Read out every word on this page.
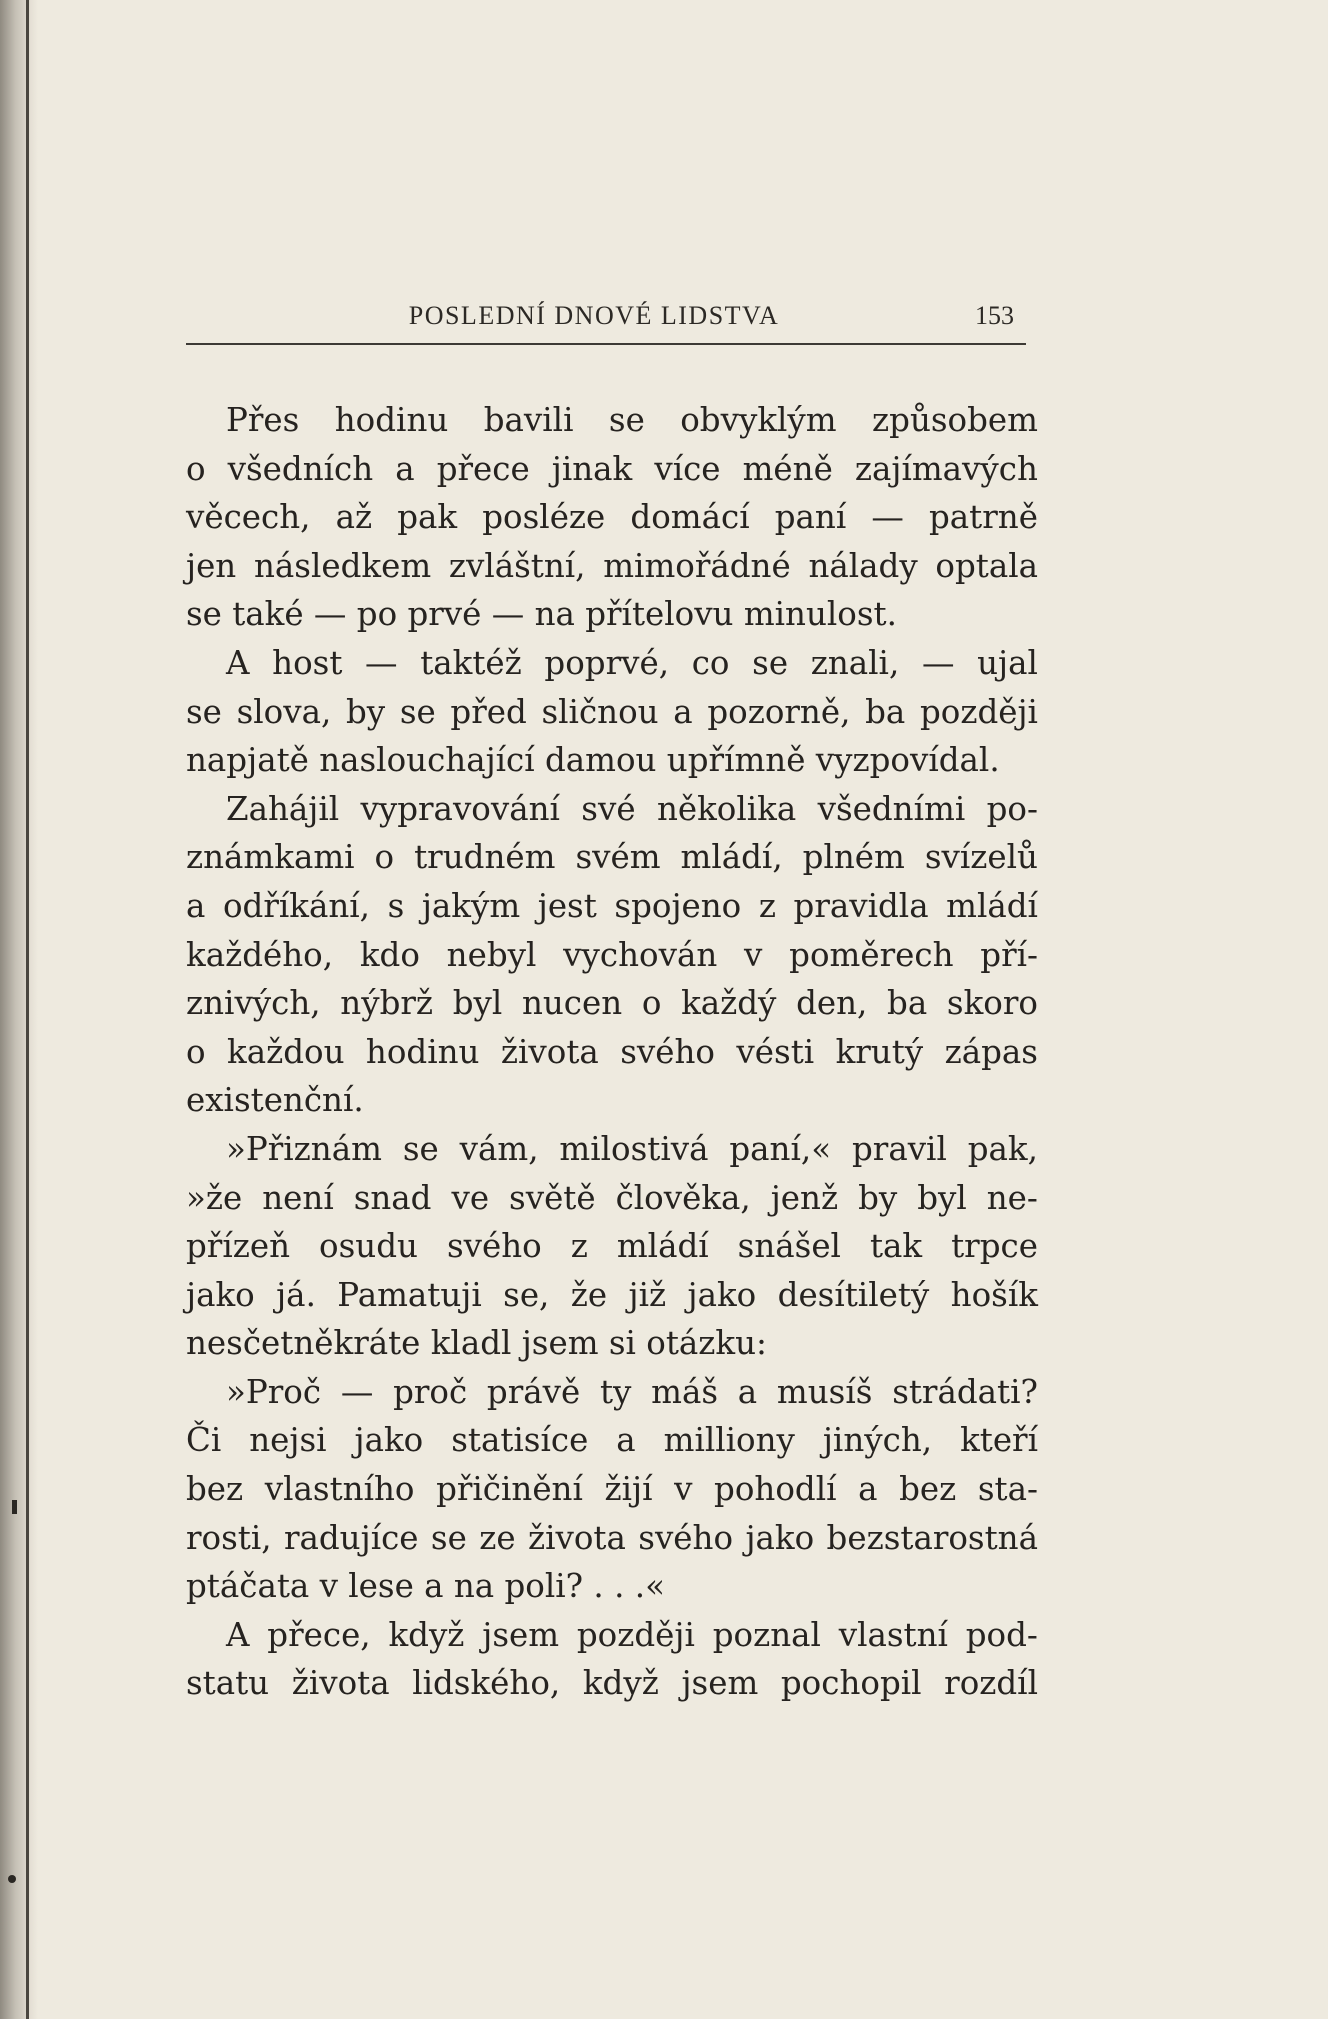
POSLEDNÍ DNOVÉ LIDSTVA	153
Přes hodinu bavili se obvyklým způsobem
o všedních a přece jinak více méně zajímavých
věcech, až pak posléze domácí paní — patrně
jen následkem zvláštní, mimořádné nálady optala
se také — po prvé — na přítelovu minulost.
A host — taktéž poprvé, co se znali, — ujal
se slova, by se před sličnou a pozorně, ba později
napjatě naslouchající damou upřímně vyzpovídal.
Zahájil vypravování své několika všedními po-
známkami o trudném svém mládí, plném svízelů
a odříkání, s jakým jest spojeno z pravidla mládí
každého, kdo nebyl vychován v poměrech pří-
znivých, nýbrž byl nucen o každý den, ba skoro
o každou hodinu života svého vésti krutý zápas
existenční.
»Přiznám se vám, milostivá paní,« pravil pak,
»že není snad ve světě člověka, jenž by byl ne-
přízeň osudu svého z mládí snášel tak trpce
jako já. Pamatuji se, že již jako desítiletý hošík
nesčetněkráte kladl jsem si otázku:
»Proč — proč právě ty máš a musíš strádati?
Či nejsi jako statisíce a milliony jiných, kteří
bez vlastního přičinění žijí v pohodlí a bez sta-
rosti, radujíce se ze života svého jako bezstarostná
ptáčata v lese a na poli? . . .«
A přece, když jsem později poznal vlastní pod-
statu života lidského, když jsem pochopil rozdíl
